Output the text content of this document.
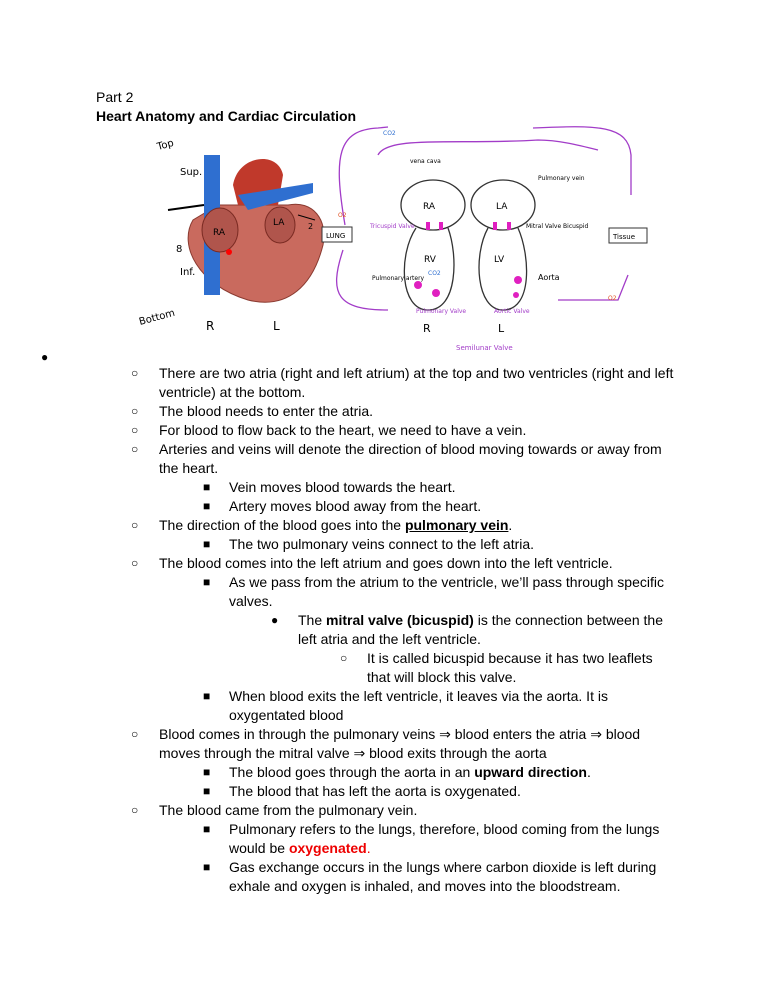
Part 2
Heart Anatomy and Cardiac Circulation
Top
Sup.
Inf.
8
2
RA
LA
Bottom R	L
RA	LA
RV	LV
vena cava
Pulmonary vein
Tricuspid Valve	Mitral Valve Bicuspid
LUNG	Tissue
Pulmonary artery	Aorta
Pulmonary Valve	Aortic Valve
Semilunar Valve
CO2
CO2
O2
O2
R	L
●
○ There are two atria (right and left atrium) at the top and two ventricles (right and left ventricle) at the bottom.
○ The blood needs to enter the atria.
○ For blood to flow back to the heart, we need to have a vein.
○ Arteries and veins will denote the direction of blood moving towards or away from the heart.
■ Vein moves blood towards the heart.
■ Artery moves blood away from the heart.
○ The direction of the blood goes into the pulmonary vein.
■ The two pulmonary veins connect to the left atria.
○ The blood comes into the left atrium and goes down into the left ventricle.
■ As we pass from the atrium to the ventricle, we’ll pass through specific valves.
● The mitral valve (bicuspid) is the connection between the left atria and the left ventricle.
○ It is called bicuspid because it has two leaflets that will block this valve.
■ When blood exits the left ventricle, it leaves via the aorta. It is oxygentated blood
○ Blood comes in through the pulmonary veins ⇒ blood enters the atria ⇒ blood moves through the mitral valve ⇒ blood exits through the aorta
■ The blood goes through the aorta in an upward direction.
■ The blood that has left the aorta is oxygenated.
○ The blood came from the pulmonary vein.
■ Pulmonary refers to the lungs, therefore, blood coming from the lungs would be oxygenated.
■ Gas exchange occurs in the lungs where carbon dioxide is left during exhale and oxygen is inhaled, and moves into the bloodstream.
